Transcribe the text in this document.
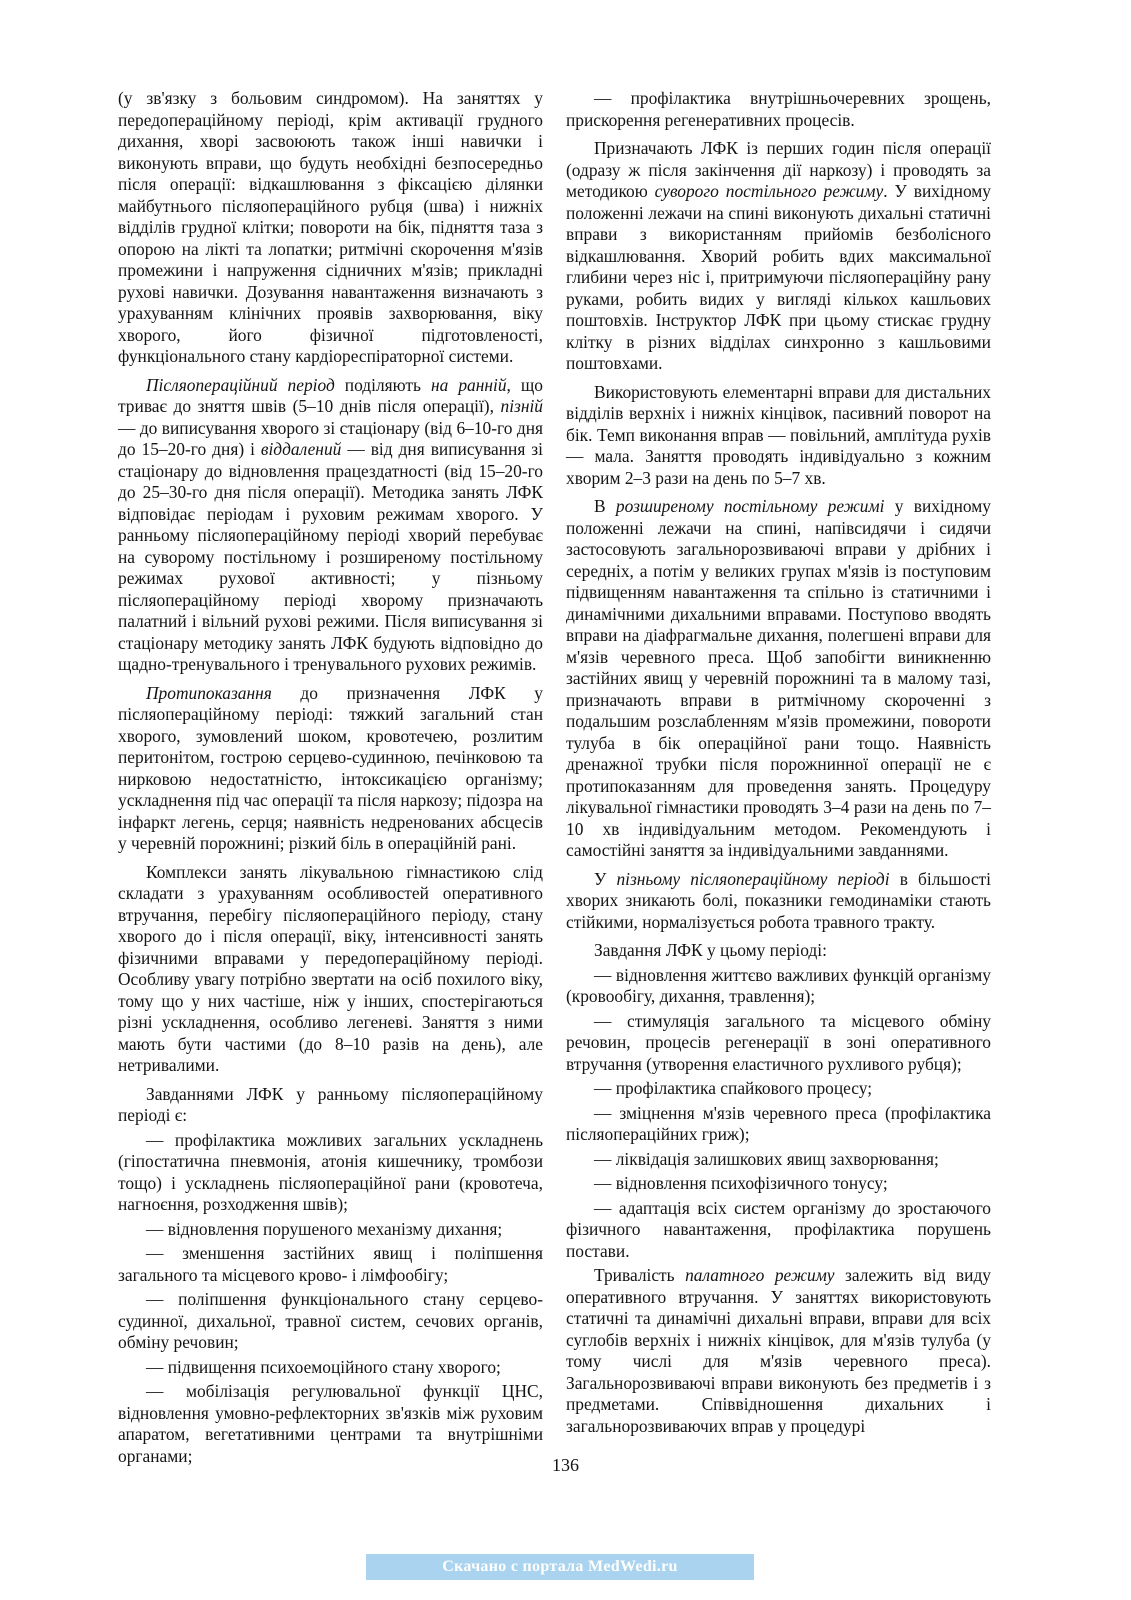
(у зв'язку з больовим синдромом). На заняттях у передопераційному періоді, крім активації грудного дихання, хворі засвоюють також інші навички і виконують вправи, що будуть необхідні безпосередньо після операції: відкашлювання з фіксацією ділянки майбутнього післяопераційного рубця (шва) і нижніх відділів грудної клітки; повороти на бік, підняття таза з опорою на лікті та лопатки; ритмічні скорочення м'язів промежини і напруження сідничних м'язів; прикладні рухові навички. Дозування навантаження визначають з урахуванням клінічних проявів захворювання, віку хворого, його фізичної підготовленості, функціонального стану кардіореспіраторної системи.

Післяопераційний період поділяють на ранній, що триває до зняття швів (5–10 днів після операції), пізній — до виписування хворого зі стаціонару (від 6–10-го дня до 15–20-го дня) і віддалений — від дня виписування зі стаціонару до відновлення працездатності (від 15–20-го до 25–30-го дня після операції). Методика занять ЛФК відповідає періодам і руховим режимам хворого. У ранньому післяопераційному періоді хворий перебуває на суворому постільному і розширеному постільному режимах рухової активності; у пізньому післяопераційному періоді хворому призначають палатний і вільний рухові режими. Після виписування зі стаціонару методику занять ЛФК будують відповідно до щадно-тренувального і тренувального рухових режимів.

Протипоказання до призначення ЛФК у післяопераційному періоді: тяжкий загальний стан хворого, зумовлений шоком, кровотечею, розлитим перитонітом, гострою серцево-судинною, печінковою та нирковою недостатністю, інтоксикацією організму; ускладнення під час операції та після наркозу; підозра на інфаркт легень, серця; наявність недренованих абсцесів у черевній порожнині; різкий біль в операційній рані.

Комплекси занять лікувальною гімнастикою слід складати з урахуванням особливостей оперативного втручання, перебігу післяопераційного періоду, стану хворого до і після операції, віку, інтенсивності занять фізичними вправами у передопераційному періоді. Особливу увагу потрібно звертати на осіб похилого віку, тому що у них частіше, ніж у інших, спостерігаються різні ускладнення, особливо легеневі. Заняття з ними мають бути частими (до 8–10 разів на день), але нетривалими.

Завданнями ЛФК у ранньому післяопераційному періоді є:

— профілактика можливих загальних ускладнень (гіпостатична пневмонія, атонія кишечнику, тромбози тощо) і ускладнень післяопераційної рани (кровотеча, нагноєння, розходження швів);

— відновлення порушеного механізму дихання;

— зменшення застійних явищ і поліпшення загального та місцевого крово- і лімфообігу;

— поліпшення функціонального стану серцево-судинної, дихальної, травної систем, сечових органів, обміну речовин;

— підвищення психоемоційного стану хворого;

— мобілізація регулювальної функції ЦНС, відновлення умовно-рефлекторних зв'язків між руховим апаратом, вегетативними центрами та внутрішніми органами;

— профілактика внутрішньочеревних зрощень, прискорення регенеративних процесів.

Призначають ЛФК із перших годин після операції (одразу ж після закінчення дії наркозу) і проводять за методикою суворого постільного режиму. У вихідному положенні лежачи на спині виконують дихальні статичні вправи з використанням прийомів безболісного відкашлювання. Хворий робить вдих максимальної глибини через ніс і, притримуючи післяопераційну рану руками, робить видих у вигляді кількох кашльових поштовхів. Інструктор ЛФК при цьому стискає грудну клітку в різних відділах синхронно з кашльовими поштовхами.

Використовують елементарні вправи для дистальних відділів верхніх і нижніх кінцівок, пасивний поворот на бік. Темп виконання вправ — повільний, амплітуда рухів — мала. Заняття проводять індивідуально з кожним хворим 2–3 рази на день по 5–7 хв.

В розширеному постільному режимі у вихідному положенні лежачи на спині, напівсидячи і сидячи застосовують загальнорозвиваючі вправи у дрібних і середніх, а потім у великих групах м'язів із поступовим підвищенням навантаження та спільно із статичними і динамічними дихальними вправами. Поступово вводять вправи на діафрагмальне дихання, полегшені вправи для м'язів черевного преса. Щоб запобігти виникненню застійних явищ у черевній порожнині та в малому тазі, призначають вправи в ритмічному скороченні з подальшим розслабленням м'язів промежини, повороти тулуба в бік операційної рани тощо. Наявність дренажної трубки після порожнинної операції не є протипоказанням для проведення занять. Процедуру лікувальної гімнастики проводять 3–4 рази на день по 7–10 хв індивідуальним методом. Рекомендують і самостійні заняття за індивідуальними завданнями.

У пізньому післяопераційному періоді в більшості хворих зникають болі, показники гемодинаміки стають стійкими, нормалізується робота травного тракту.

Завдання ЛФК у цьому періоді:

— відновлення життєво важливих функцій організму (кровообігу, дихання, травлення);

— стимуляція загального та місцевого обміну речовин, процесів регенерації в зоні оперативного втручання (утворення еластичного рухливого рубця);

— профілактика спайкового процесу;

— зміцнення м'язів черевного преса (профілактика післяопераційних гриж);

— ліквідація залишкових явищ захворювання;

— відновлення психофізичного тонусу;

— адаптація всіх систем організму до зростаючого фізичного навантаження, профілактика порушень постави.

Тривалість палатного режиму залежить від виду оперативного втручання. У заняттях використовують статичні та динамічні дихальні вправи, вправи для всіх суглобів верхніх і нижніх кінцівок, для м'язів тулуба (у тому числі для м'язів черевного преса). Загальнорозвиваючі вправи виконують без предметів і з предметами. Співвідношення дихальних і загальнорозвиваючих вправ у процедурі

136
Скачано с портала MedWedi.ru
